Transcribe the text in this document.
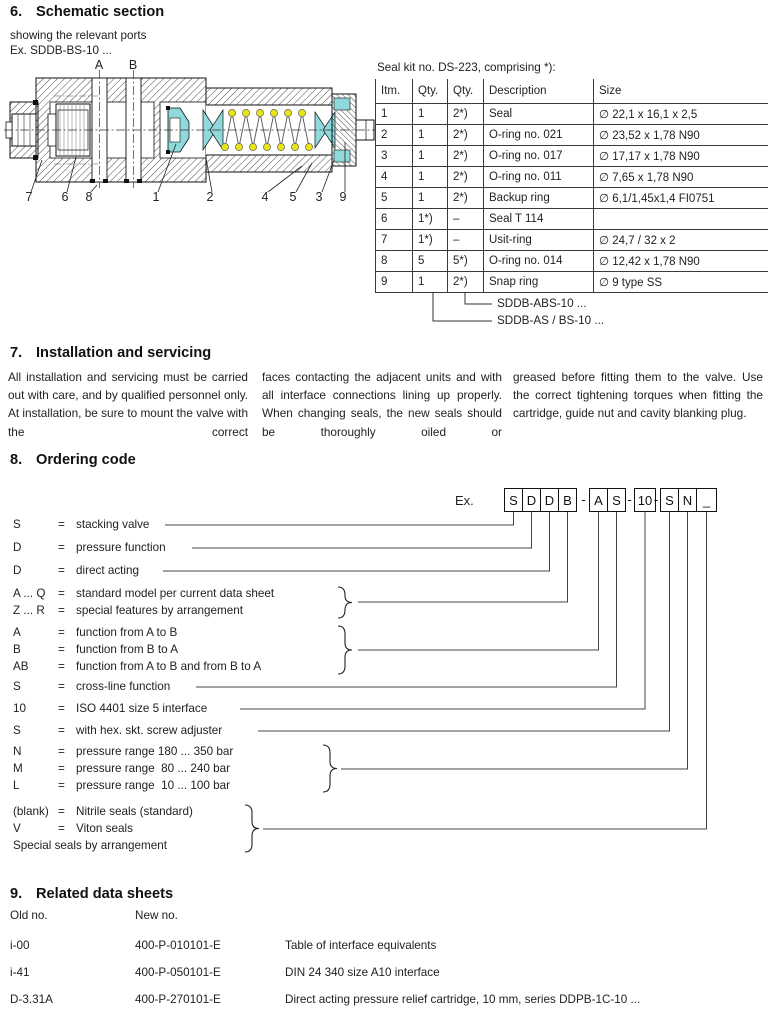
6. Schematic section
showing the relevant ports
Ex. SDDB-BS-10 ...
A B
7 6 8	1	2	4 5 3 9
Seal kit no. DS-223, comprising *):
Itm.	Qty.	Qty.	Description	Size
1	1	2*)	Seal	∅ 22,1 x 16,1 x 2,5
2	1	2*)	O-ring no. 021	∅ 23,52 x 1,78 N90
3	1	2*)	O-ring no. 017	∅ 17,17 x 1,78 N90
4	1	2*)	O-ring no. 011	∅ 7,65 x 1,78 N90
5	1	2*)	Backup ring	∅ 6,1/1,45x1,4 FI0751
6	1*)	–	Seal T 114	
7	1*)	–	Usit-ring	∅ 24,7 / 32 x 2
8	5	5*)	O-ring no. 014	∅ 12,42 x 1,78 N90
9	1	2*)	Snap ring	∅ 9 type SS
SDDB-ABS-10 ...
SDDB-AS / BS-10 ...
7. Installation and servicing
All installation and servicing must be carried out with care, and by qualified personnel only. At installation, be sure to mount the valve with the correct
faces contacting the adjacent units and with all interface connections lining up properly. When changing seals, the new seals should be thoroughly oiled or
greased before fitting them to the valve. Use the correct tightening torques when fitting the cartridge, guide nut and cavity blanking plug.
8. Ordering code
Ex.	S D D B - A S - 10 - S N _
S	= stacking valve
D	= pressure function
D	= direct acting
A ... Q	= standard model per current data sheet
Z ... R	= special features by arrangement
A	= function from A to B
B	= function from B to A
AB	= function from A to B and from B to A
S	= cross-line function
10	= ISO 4401 size 5 interface
S	= with hex. skt. screw adjuster
N	= pressure range 180 ... 350 bar
M	= pressure range  80 ... 240 bar
L	= pressure range  10 ... 100 bar
(blank) = Nitrile seals (standard)
V	= Viton seals
Special seals by arrangement
9. Related data sheets
Old no.	New no.
i-00	400-P-010101-E	Table of interface equivalents
i-41	400-P-050101-E	DIN 24 340 size A10 interface
D-3.31A	400-P-270101-E	Direct acting pressure relief cartridge, 10 mm, series DDPB-1C-10 ...
